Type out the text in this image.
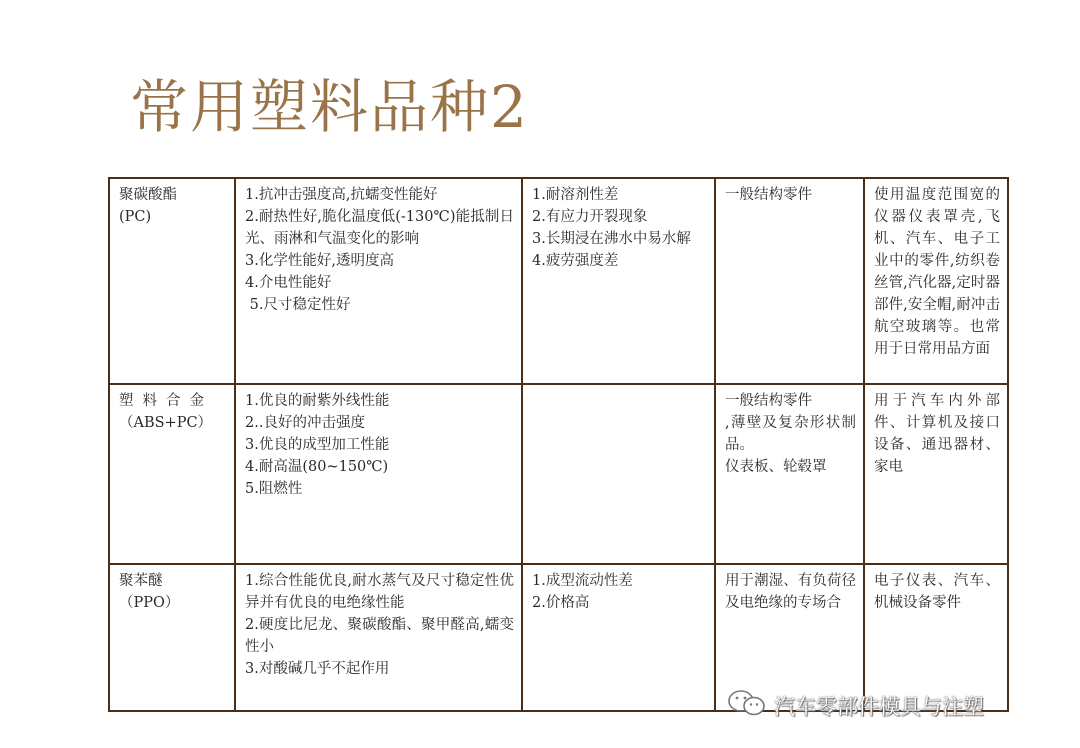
常用塑料品种2
聚碳酸酯
(PC)	1.抗冲击强度高,抗蠕变性能好
2.耐热性好,脆化温度低(-130℃)能抵制日光、雨淋和气温变化的影响
3.化学性能好,透明度高
4.介电性能好
5.尺寸稳定性好	1.耐溶剂性差
2.有应力开裂现象
3.长期浸在沸水中易水解
4.疲劳强度差	一般结构零件	使用温度范围宽的仪器仪表罩壳,飞机、汽车、电子工业中的零件,纺织卷丝管,汽化器,定时器部件,安全帽,耐冲击航空玻璃等。也常用于日常用品方面

塑料合金
（ABS+PC）	1.优良的耐紫外线性能
2..良好的冲击强度
3.优良的成型加工性能
4.耐高温(80~150℃)
5.阻燃性		一般结构零件
,薄壁及复杂形状制品。
仪表板、轮毂罩	用于汽车内外部件、计算机及接口设备、通迅器材、家电

聚苯醚
（PPO）	1.综合性能优良,耐水蒸气及尺寸稳定性优异并有优良的电绝缘性能
2.硬度比尼龙、聚碳酸酯、聚甲醛高,蠕变性小
3.对酸碱几乎不起作用	1.成型流动性差
2.价格高	用于潮湿、有负荷径及电绝缘的专场合	电子仪表、汽车、机械设备零件
汽车零部件模具与注塑
